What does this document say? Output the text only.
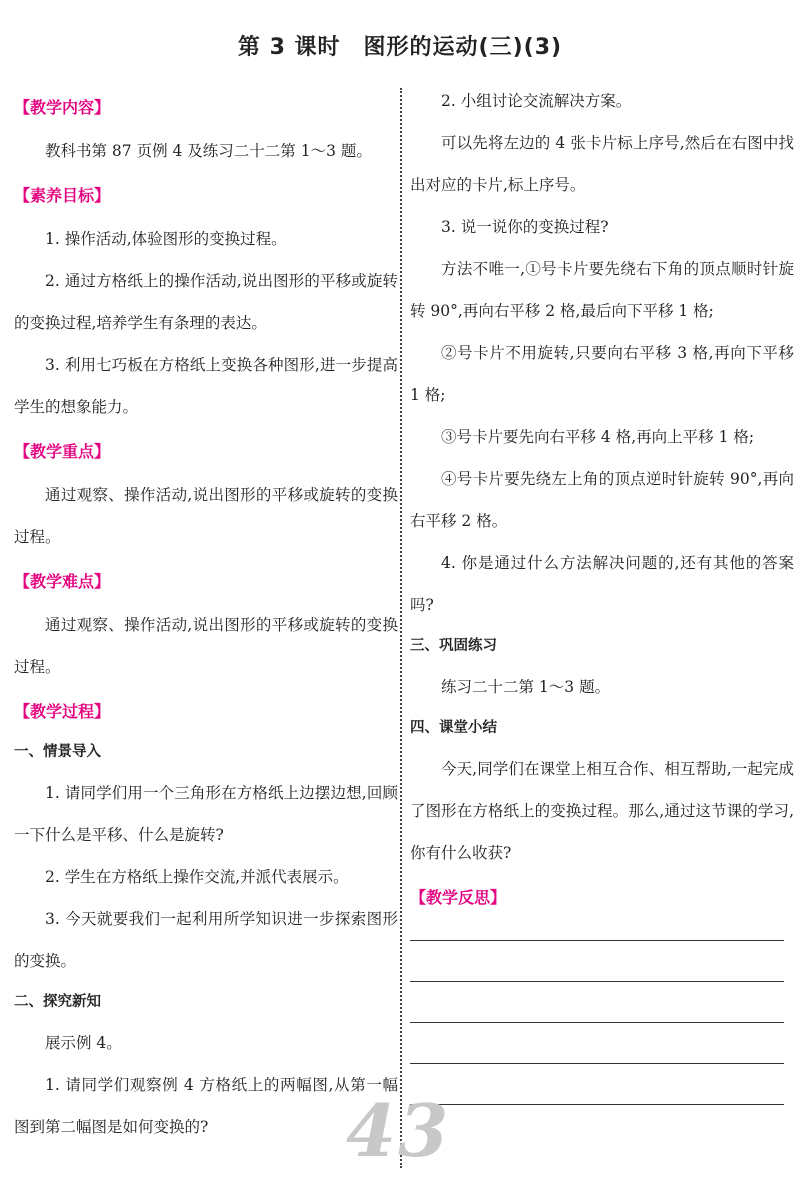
第 3 课时　图形的运动(三)(3)
【教学内容】

教科书第 87 页例 4 及练习二十二第 1～3 题。

【素养目标】

1. 操作活动,体验图形的变换过程。

2. 通过方格纸上的操作活动,说出图形的平移或旋转的变换过程,培养学生有条理的表达。

3. 利用七巧板在方格纸上变换各种图形,进一步提高学生的想象能力。

【教学重点】

通过观察、操作活动,说出图形的平移或旋转的变换过程。

【教学难点】

通过观察、操作活动,说出图形的平移或旋转的变换过程。

【教学过程】
一、情景导入

1. 请同学们用一个三角形在方格纸上边摆边想,回顾一下什么是平移、什么是旋转?

2. 学生在方格纸上操作交流,并派代表展示。

3. 今天就要我们一起利用所学知识进一步探索图形的变换。

二、探究新知

展示例 4。

1. 请同学们观察例 4 方格纸上的两幅图,从第一幅图到第二幅图是如何变换的?

2. 小组讨论交流解决方案。

可以先将左边的 4 张卡片标上序号,然后在右图中找出对应的卡片,标上序号。

3. 说一说你的变换过程?

方法不唯一,①号卡片要先绕右下角的顶点顺时针旋转 90°,再向右平移 2 格,最后向下平移 1 格;

②号卡片不用旋转,只要向右平移 3 格,再向下平移 1 格;

③号卡片要先向右平移 4 格,再向上平移 1 格;

④号卡片要先绕左上角的顶点逆时针旋转 90°,再向右平移 2 格。

4. 你是通过什么方法解决问题的,还有其他的答案吗?

三、巩固练习

练习二十二第 1～3 题。

四、课堂小结

今天,同学们在课堂上相互合作、相互帮助,一起完成了图形在方格纸上的变换过程。那么,通过这节课的学习,你有什么收获?

【教学反思】
43
